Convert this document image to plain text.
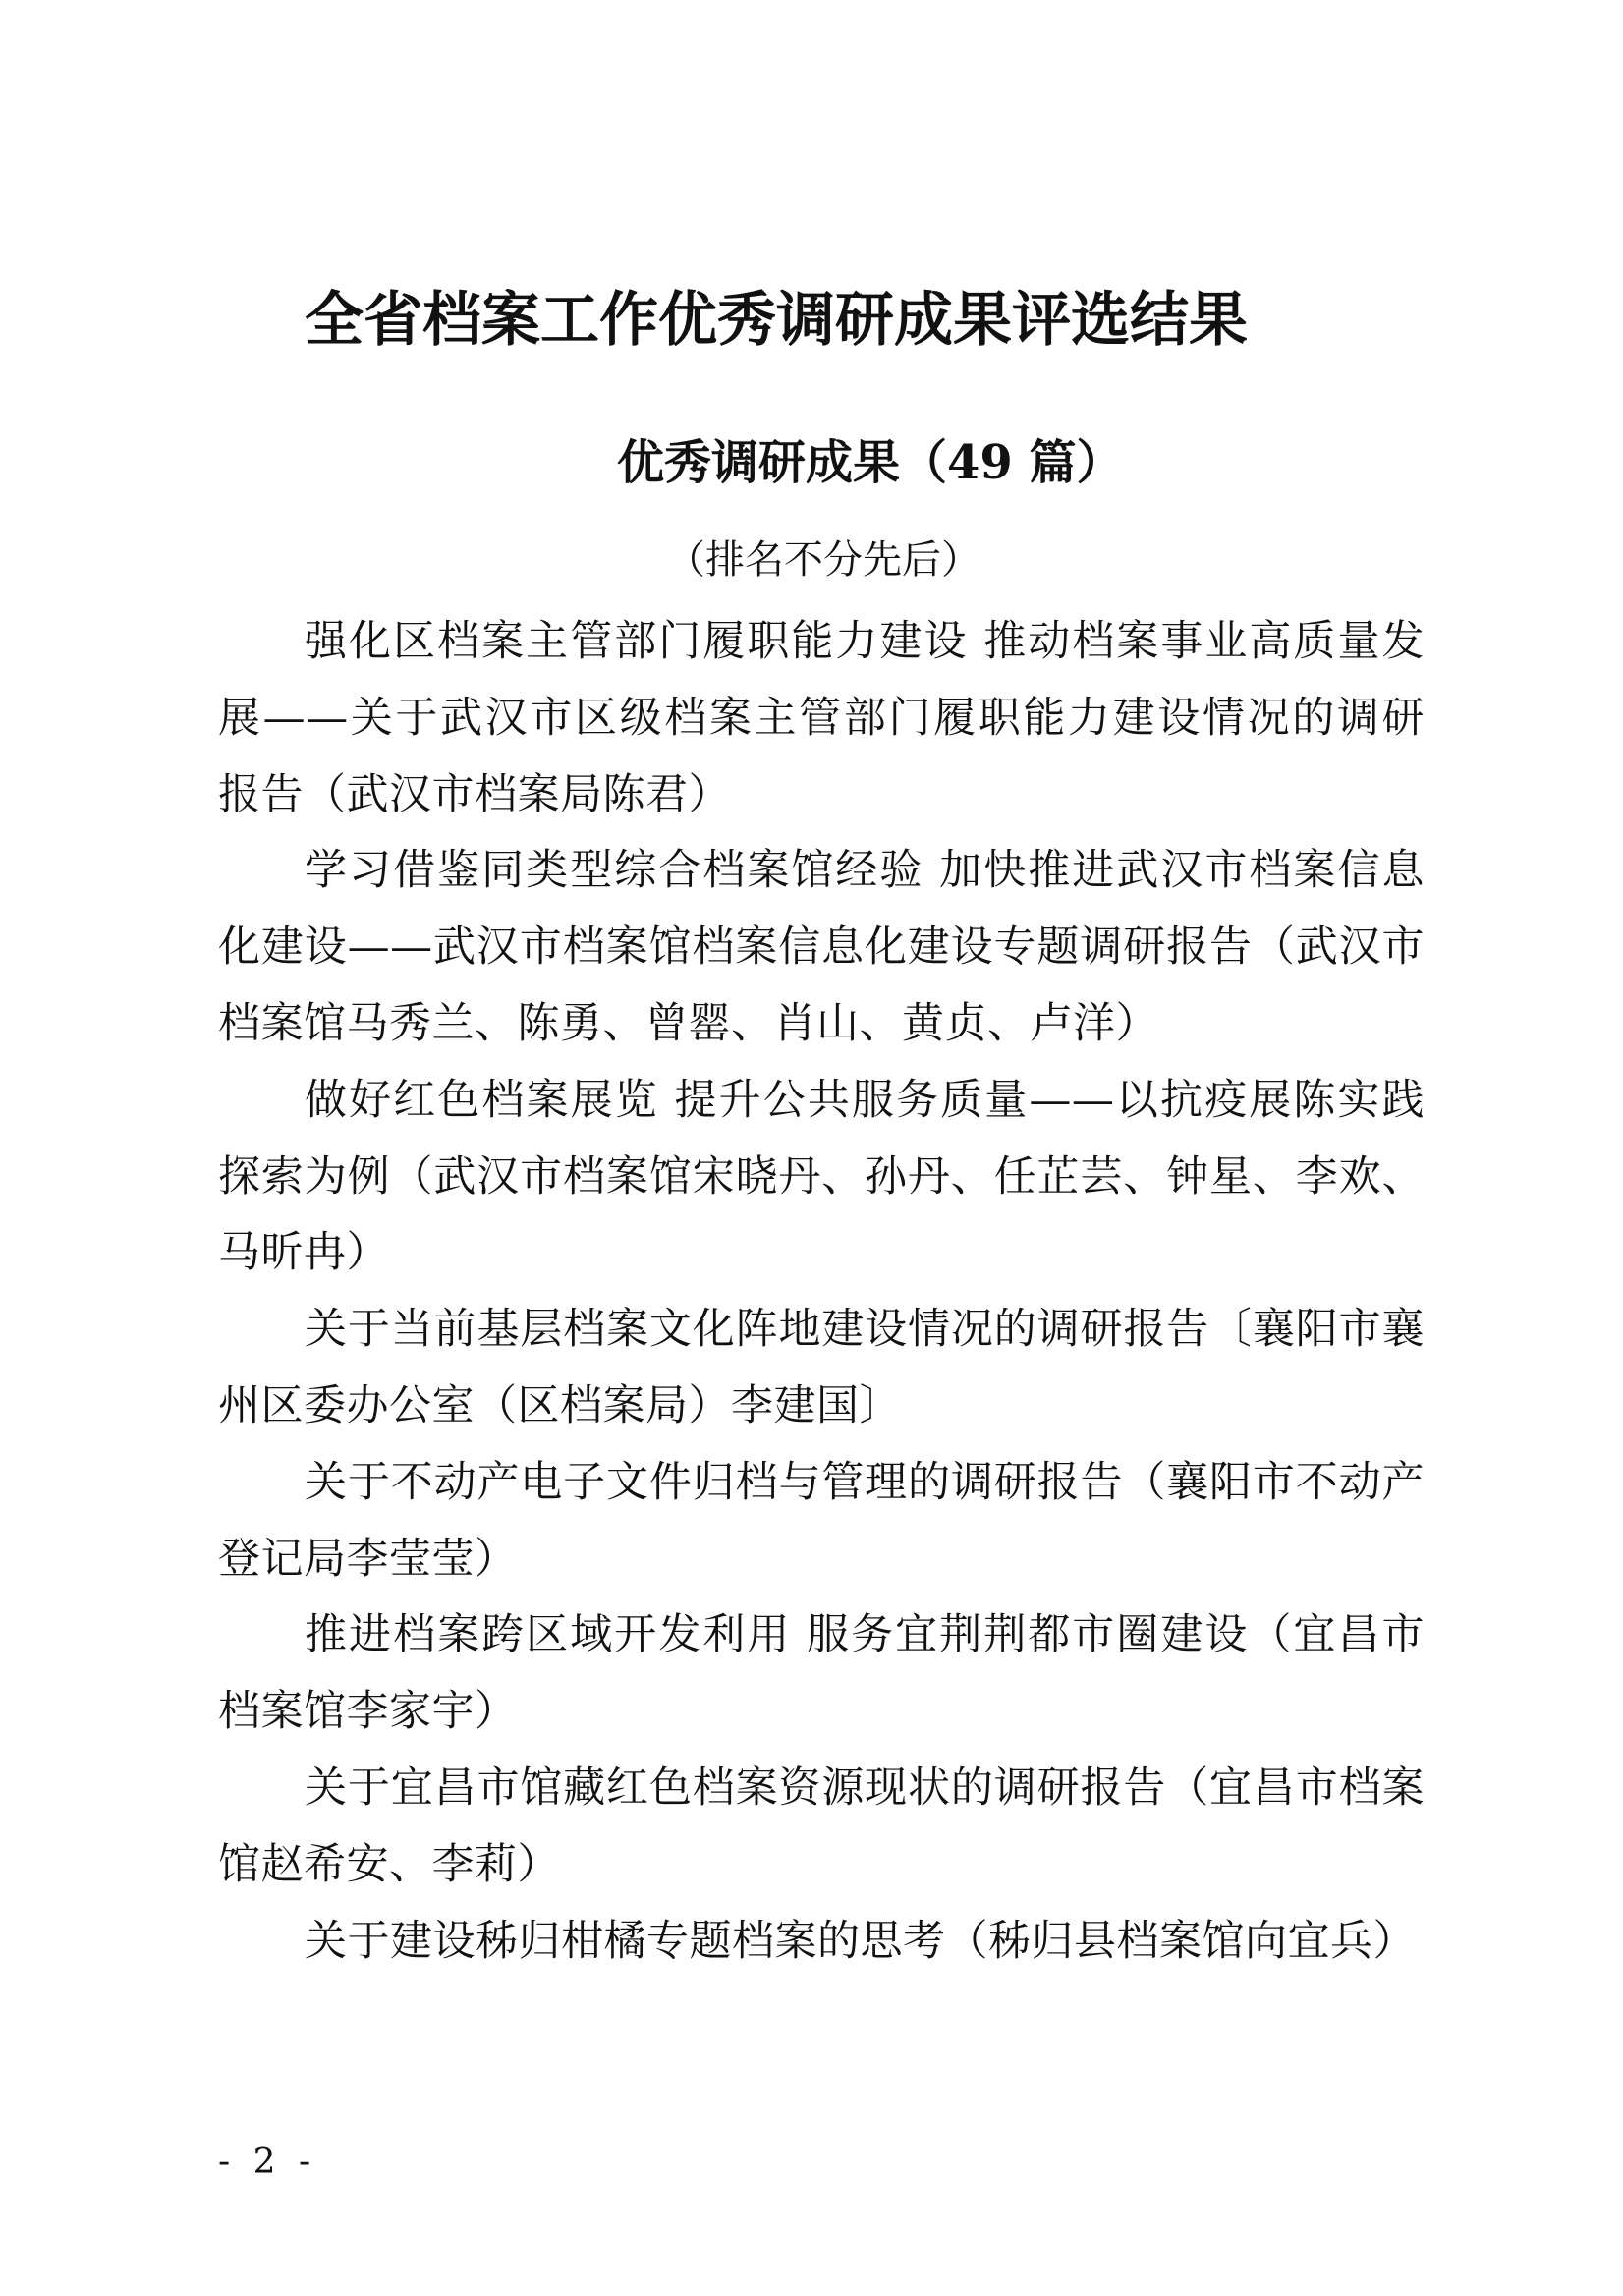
全省档案工作优秀调研成果评选结果
优秀调研成果（49 篇）
（排名不分先后）
强化区档案主管部门履职能力建设 推动档案事业高质量发
展——关于武汉市区级档案主管部门履职能力建设情况的调研
报告（武汉市档案局陈君）
学习借鉴同类型综合档案馆经验 加快推进武汉市档案信息
化建设——武汉市档案馆档案信息化建设专题调研报告（武汉市
档案馆马秀兰、陈勇、曾罂、肖山、黄贞、卢洋）
做好红色档案展览 提升公共服务质量——以抗疫展陈实践
探索为例（武汉市档案馆宋晓丹、孙丹、任芷芸、钟星、李欢、
马昕冉）
关于当前基层档案文化阵地建设情况的调研报告〔襄阳市襄
州区委办公室（区档案局）李建国〕
关于不动产电子文件归档与管理的调研报告（襄阳市不动产
登记局李莹莹）
推进档案跨区域开发利用 服务宜荆荆都市圈建设（宜昌市
档案馆李家宇）
关于宜昌市馆藏红色档案资源现状的调研报告（宜昌市档案
馆赵希安、李莉）
关于建设秭归柑橘专题档案的思考（秭归县档案馆向宜兵）
- 2 -
